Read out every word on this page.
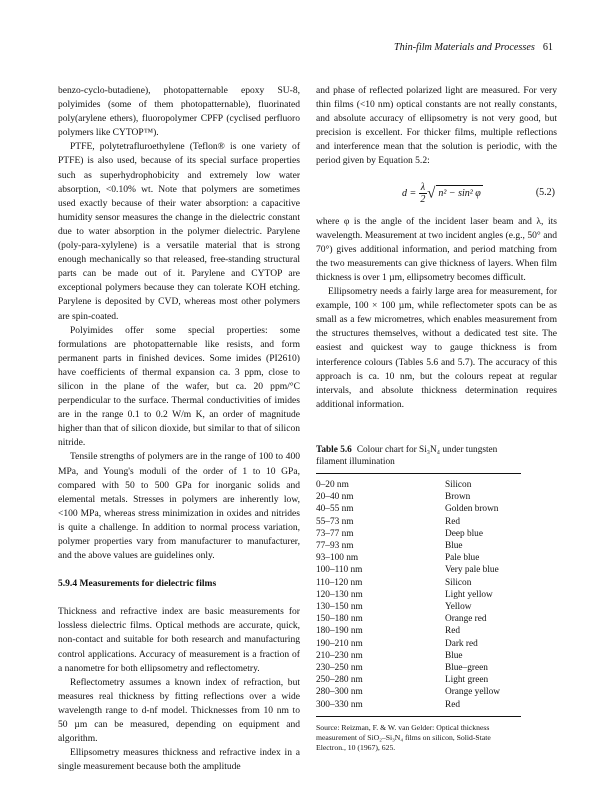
Thin-film Materials and Processes 61

benzo-cyclo-butadiene), photopatternable epoxy SU-8, polyimides (some of them photopatternable), fluorinated poly(arylene ethers), fluoropolymer CPFP (cyclised perfluoro polymers like CYTOP™).

PTFE, polytetrafluroethylene (Teflon® is one variety of PTFE) is also used, because of its special surface properties such as superhydrophobicity and extremely low water absorption, <0.10% wt. Note that polymers are sometimes used exactly because of their water absorption: a capacitive humidity sensor measures the change in the dielectric constant due to water absorption in the polymer dielectric. Parylene (poly-para-xylylene) is a versatile material that is strong enough mechanically so that released, free-standing structural parts can be made out of it. Parylene and CYTOP are exceptional polymers because they can tolerate KOH etching. Parylene is deposited by CVD, whereas most other polymers are spin-coated.

Polyimides offer some special properties: some formulations are photopatternable like resists, and form permanent parts in finished devices. Some imides (PI2610) have coefficients of thermal expansion ca. 3 ppm, close to silicon in the plane of the wafer, but ca. 20 ppm/°C perpendicular to the surface. Thermal conductivities of imides are in the range 0.1 to 0.2 W/m K, an order of magnitude higher than that of silicon dioxide, but similar to that of silicon nitride.

Tensile strengths of polymers are in the range of 100 to 400 MPa, and Young's moduli of the order of 1 to 10 GPa, compared with 50 to 500 GPa for inorganic solids and elemental metals. Stresses in polymers are inherently low, <100 MPa, whereas stress minimization in oxides and nitrides is quite a challenge. In addition to normal process variation, polymer properties vary from manufacturer to manufacturer, and the above values are guidelines only.

5.9.4 Measurements for dielectric films

Thickness and refractive index are basic measurements for lossless dielectric films. Optical methods are accurate, quick, non-contact and suitable for both research and manufacturing control applications. Accuracy of measurement is a fraction of a nanometre for both ellipsometry and reflectometry.

Reflectometry assumes a known index of refraction, but measures real thickness by fitting reflections over a wide wavelength range to d-nf model. Thicknesses from 10 nm to 50 µm can be measured, depending on equipment and algorithm.

Ellipsometry measures thickness and refractive index in a single measurement because both the amplitude

and phase of reflected polarized light are measured. For very thin films (<10 nm) optical constants are not really constants, and absolute accuracy of ellipsometry is not very good, but precision is excellent. For thicker films, multiple reflections and interference mean that the solution is periodic, with the period given by Equation 5.2:

$d = \frac{\lambda}{2}$ √ n² − sin² φ	(5.2)

where φ is the angle of the incident laser beam and λ, its wavelength. Measurement at two incident angles (e.g., 50° and 70°) gives additional information, and period matching from the two measurements can give thickness of layers. When film thickness is over 1 µm, ellipsometry becomes difficult.

Ellipsometry needs a fairly large area for measurement, for example, 100 × 100 µm, while reflectometer spots can be as small as a few micrometres, which enables measurement from the structures themselves, without a dedicated test site. The easiest and quickest way to gauge thickness is from interference colours (Tables 5.6 and 5.7). The accuracy of this approach is ca. 10 nm, but the colours repeat at regular intervals, and absolute thickness determination requires additional information.

Table 5.6 Colour chart for Si₃N₄ under tungsten filament illumination
0–20 nm	Silicon
20–40 nm	Brown
40–55 nm	Golden brown
55–73 nm	Red
73–77 nm	Deep blue
77–93 nm	Blue
93–100 nm	Pale blue
100–110 nm	Very pale blue
110–120 nm	Silicon
120–130 nm	Light yellow
130–150 nm	Yellow
150–180 nm	Orange red
180–190 nm	Red
190–210 nm	Dark red
210–230 nm	Blue
230–250 nm	Blue–green
250–280 nm	Light green
280–300 nm	Orange yellow
300–330 nm	Red
Source: Reizman, F. & W. van Gelder: Optical thickness measurement of SiO₂–Si₃N₄ films on silicon, Solid-State Electron., 10 (1967), 625.
